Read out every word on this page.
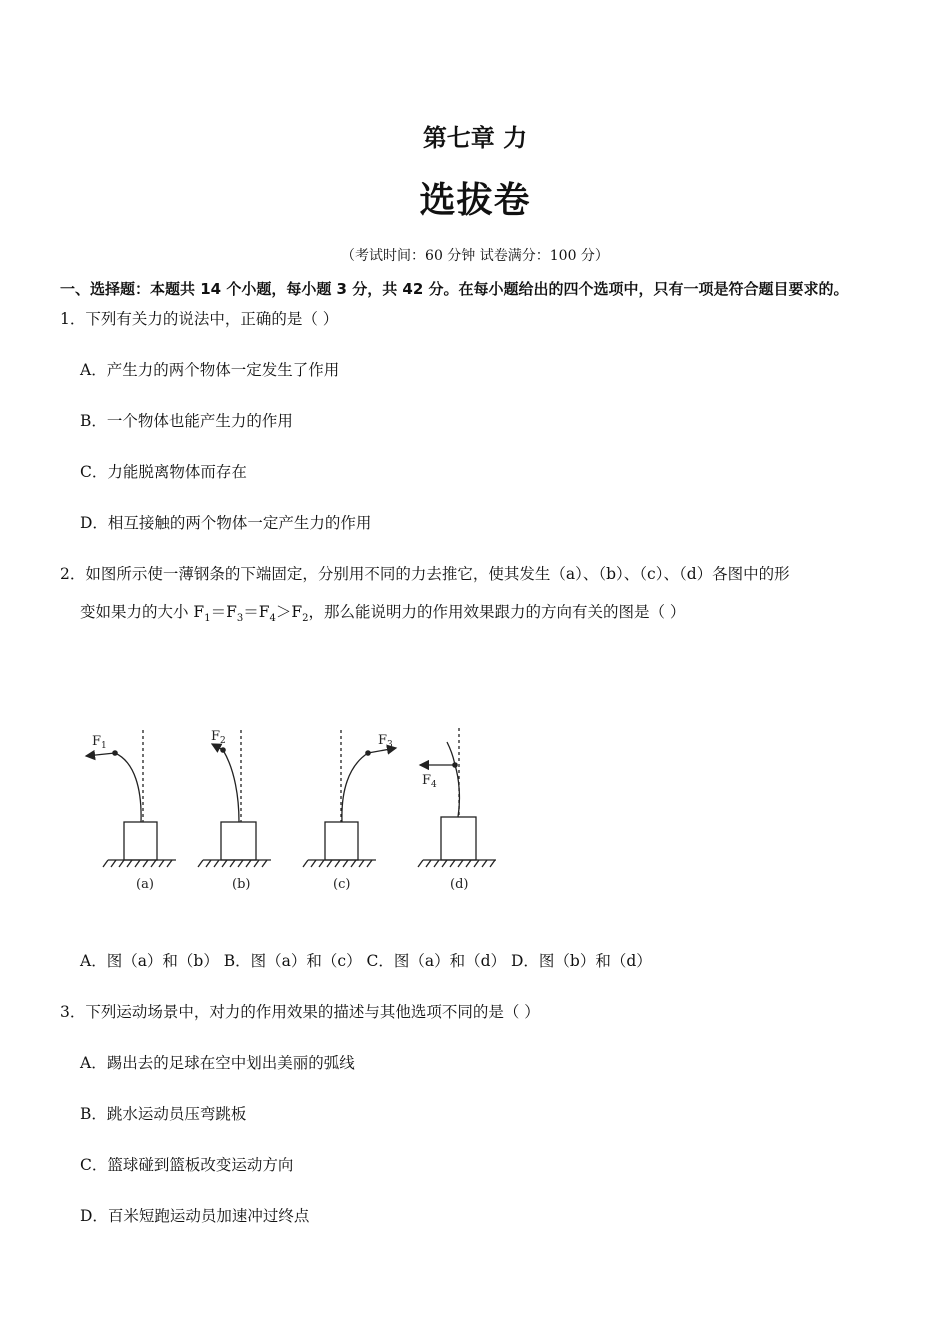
第七章 力
选拔卷
（考试时间：60 分钟 试卷满分：100 分）
一、选择题：本题共 14 个小题，每小题 3 分，共 42 分。在每小题给出的四个选项中，只有一项是符合题目要求的。
1．下列有关力的说法中，正确的是（ ）
A．产生力的两个物体一定发生了作用
B．一个物体也能产生力的作用
C．力能脱离物体而存在
D．相互接触的两个物体一定产生力的作用
2．如图所示使一薄钢条的下端固定，分别用不同的力去推它，使其发生（a）、（b）、（c）、（d）各图中的形
变如果力的大小 $F_1=F_3=F_4>F_2$，那么能说明力的作用效果跟力的方向有关的图是（ ）
$F_1$
$F_2$	$F_3$
$F_4$
(a)	(b)	(c)	(d)
A．图（a）和（b） B．图（a）和（c） C．图（a）和（d） D．图（b）和（d）
3．下列运动场景中，对力的作用效果的描述与其他选项不同的是（ ）
A．踢出去的足球在空中划出美丽的弧线
B．跳水运动员压弯跳板
C．篮球碰到篮板改变运动方向
D．百米短跑运动员加速冲过终点
